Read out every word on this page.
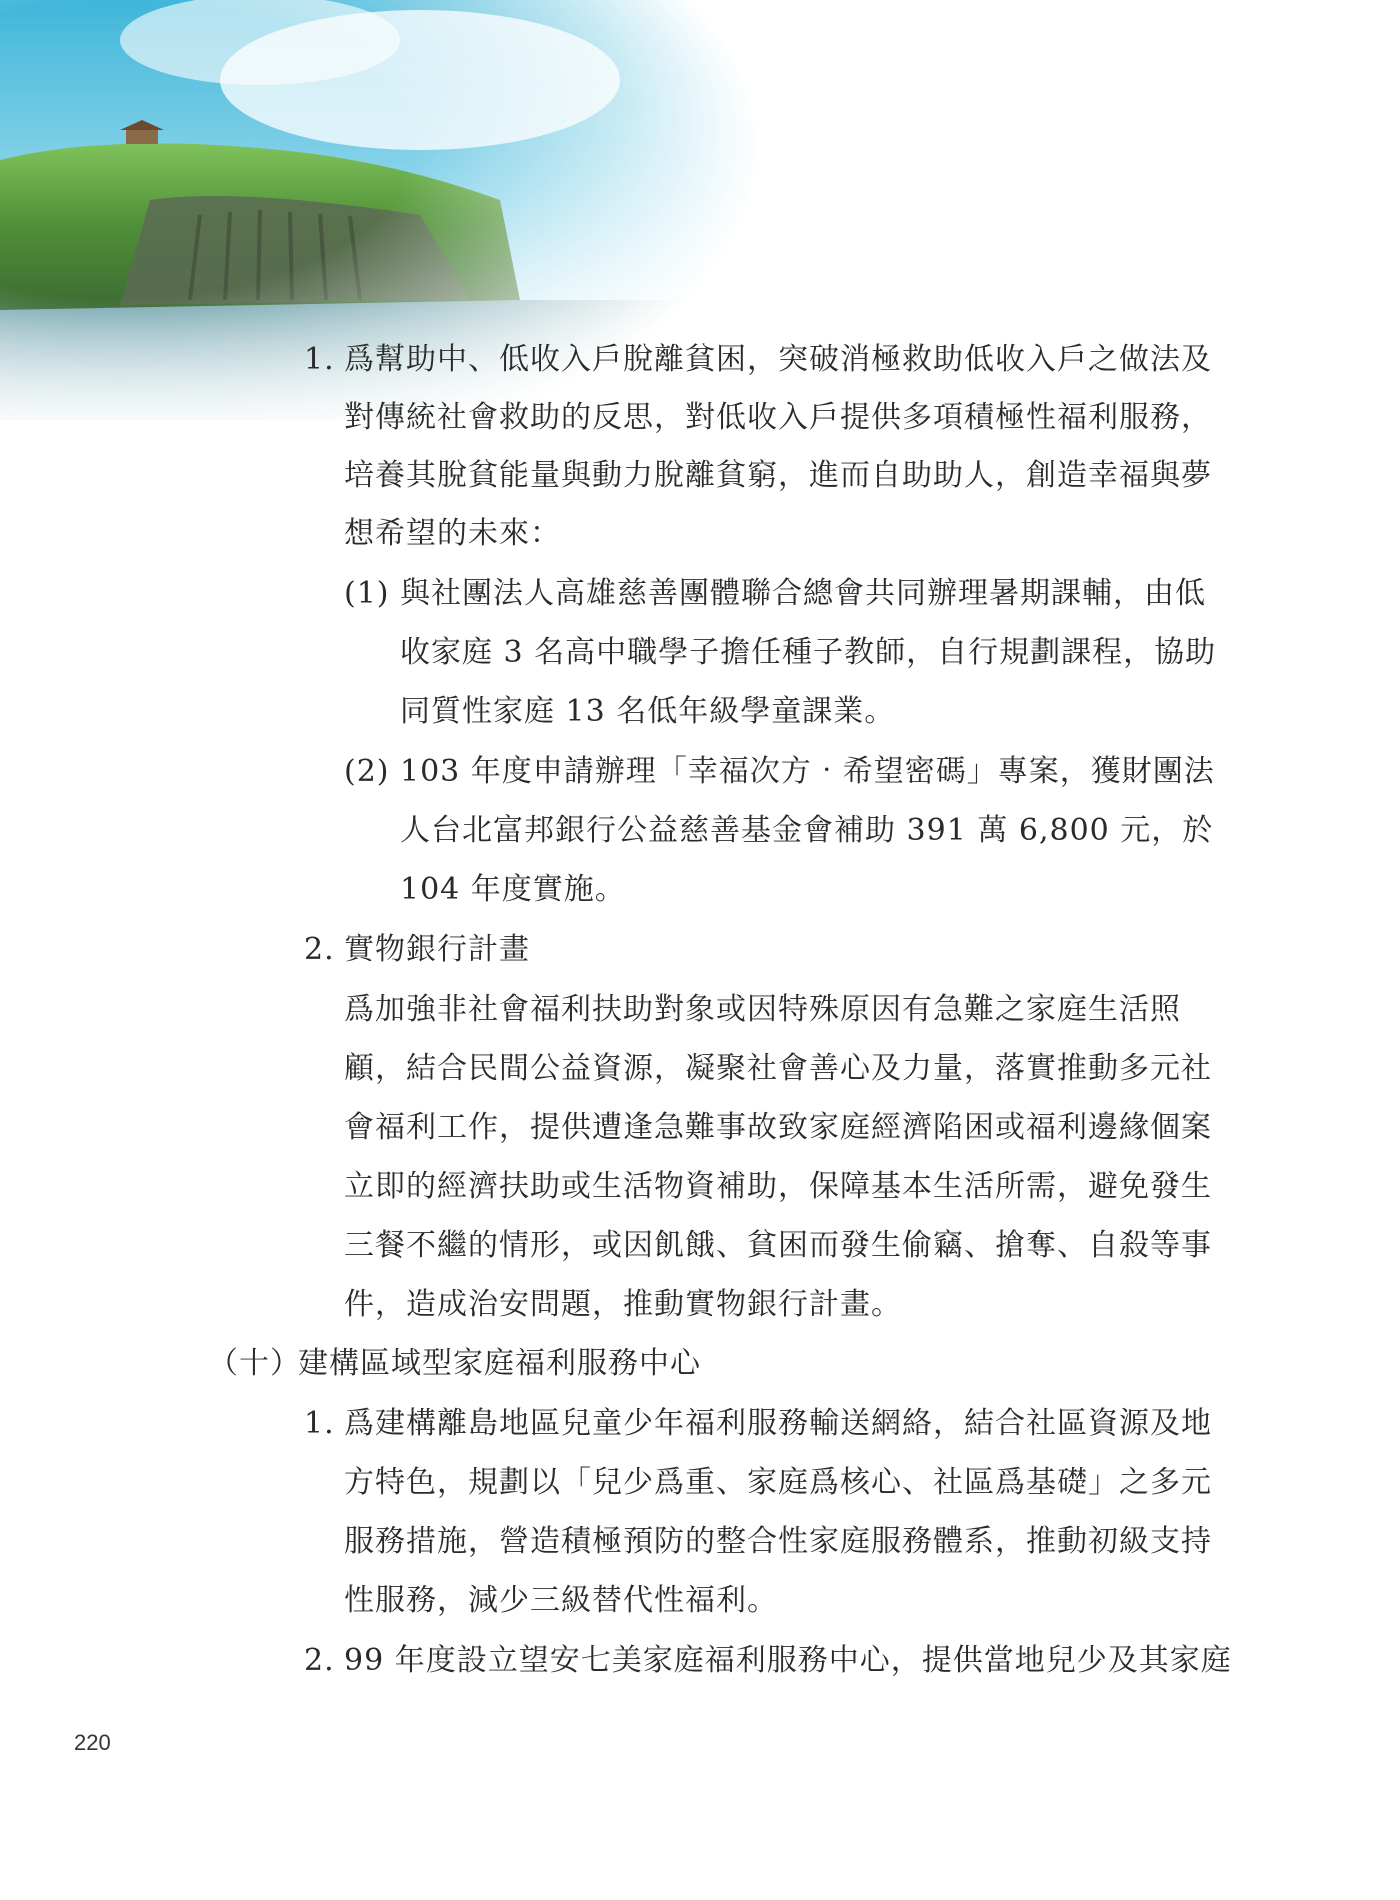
1. 爲幫助中、低收入戶脫離貧困，突破消極救助低收入戶之做法及
對傳統社會救助的反思，對低收入戶提供多項積極性福利服務，
培養其脫貧能量與動力脫離貧窮，進而自助助人，創造幸福與夢
想希望的未來：
(1) 與社團法人高雄慈善團體聯合總會共同辦理暑期課輔，由低
收家庭 3 名高中職學子擔任種子教師，自行規劃課程，協助
同質性家庭 13 名低年級學童課業。
(2) 103 年度申請辦理「幸福次方‧希望密碼」專案，獲財團法
人台北富邦銀行公益慈善基金會補助 391 萬 6,800 元，於
104 年度實施。
2. 實物銀行計畫
爲加強非社會福利扶助對象或因特殊原因有急難之家庭生活照
顧，結合民間公益資源，凝聚社會善心及力量，落實推動多元社
會福利工作，提供遭逢急難事故致家庭經濟陷困或福利邊緣個案
立即的經濟扶助或生活物資補助，保障基本生活所需，避免發生
三餐不繼的情形，或因飢餓、貧困而發生偷竊、搶奪、自殺等事
件，造成治安問題，推動實物銀行計畫。
（十）
建構區域型家庭福利服務中心
1. 爲建構離島地區兒童少年福利服務輸送網絡，結合社區資源及地
方特色，規劃以「兒少爲重、家庭爲核心、社區爲基礎」之多元
服務措施，營造積極預防的整合性家庭服務體系，推動初級支持
性服務，減少三級替代性福利。
2. 99 年度設立望安七美家庭福利服務中心，提供當地兒少及其家庭
220
